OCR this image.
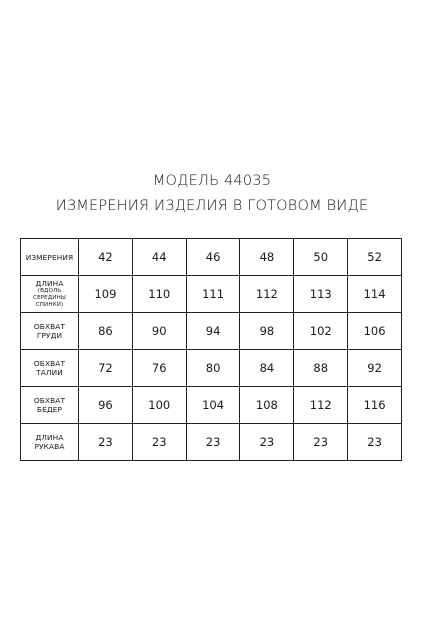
МОДЕЛЬ 44035
ИЗМЕРЕНИЯ ИЗДЕЛИЯ В ГОТОВОМ ВИДЕ
ИЗМЕРЕНИЯ	42	44	46	48	50	52

ДЛИНА
(ВДОЛЬ СЕРЕДИНЫ
СПИНКИ)	109	110	111	112	113	114

ОБХВАТ
ГРУДИ	86	90	94	98	102	106

ОБХВАТ
ТАЛИИ	72	76	80	84	88	92

ОБХВАТ
БЕДЕР	96	100	104	108	112	116

ДЛИНА
РУКАВА	23	23	23	23	23	23
